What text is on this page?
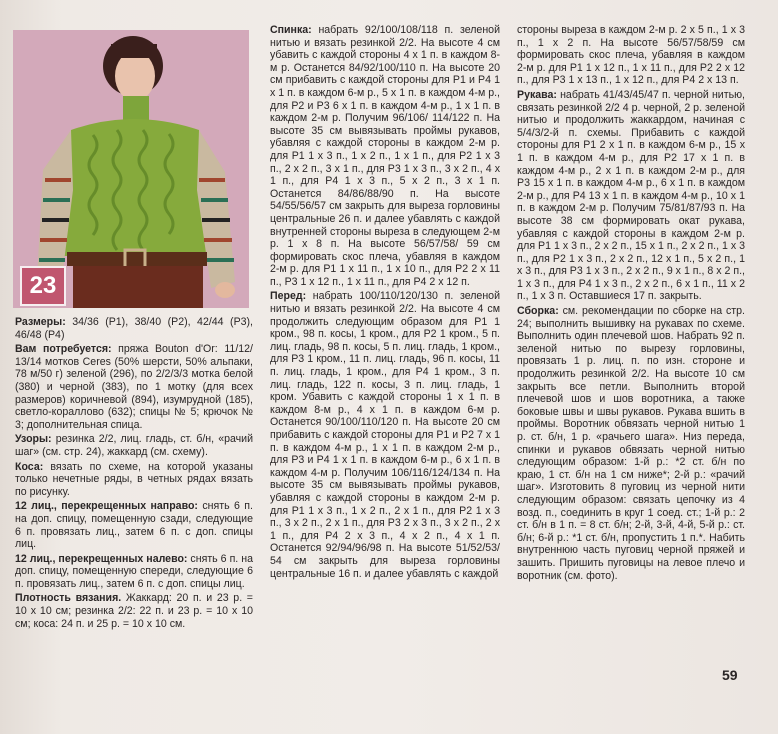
23

Размеры: 34/36 (Р1), 38/40 (Р2), 42/44 (Р3), 46/48 (Р4)

Вам потребуется: пряжа Bouton d'Or: 11/12/ 13/14 мотков Ceres (50% шерсти, 50% альпаки, 78 м/50 г) зеленой (296), по 2/2/3/3 мотка белой (380) и черной (383), по 1 мотку (для всех размеров) коричневой (894), изумрудной (185), светло-кораллово (632); спицы № 5; крючок № 3; дополнительная спица.

Узоры: резинка 2/2, лиц. гладь, ст. б/н, «рачий шаг» (см. стр. 24), жаккард (см. схему).

Коса: вязать по схеме, на которой указаны только нечетные ряды, в четных рядах вязать по рисунку.

12 лиц., перекрещенных направо: снять 6 п. на доп. спицу, помещенную сзади, следующие 6 п. провязать лиц., затем 6 п. с доп. спицы лиц.

12 лиц., перекрещенных налево: снять 6 п. на доп. спицу, помещенную спереди, следующие 6 п. провязать лиц., затем 6 п. с доп. спицы лиц.

Плотность вязания. Жаккард: 20 п. и 23 р. = 10 х 10 см; резинка 2/2: 22 п. и 23 р. = 10 х 10 см; коса: 24 п. и 25 р. = 10 х 10 см.

Спинка: набрать 92/100/108/118 п. зеленой нитью и вязать резинкой 2/2. На высоте 4 см убавить с каждой стороны 4 х 1 п. в каждом 8-м р. Останется 84/92/100/110 п. На высоте 20 см прибавить с каждой стороны для Р1 и Р4 1 х 1 п. в каждом 6-м р., 5 х 1 п. в каждом 4-м р., для Р2 и Р3 6 х 1 п. в каждом 4-м р., 1 х 1 п. в каждом 2-м р. Получим 96/106/ 114/122 п. На высоте 35 см вывязывать проймы рукавов, убавляя с каждой стороны в каждом 2-м р. для Р1 1 х 3 п., 1 х 2 п., 1 х 1 п., для Р2 1 х 3 п., 2 х 2 п., 3 х 1 п., для Р3 1 х 3 п., 3 х 2 п., 4 х 1 п., для Р4 1 х 3 п., 5 х 2 п., 3 х 1 п. Останется 84/86/88/90 п. На высоте 54/55/56/57 см закрыть для выреза горловины центральные 26 п. и далее убавлять с каждой внутренней стороны выреза в следующем 2-м р. 1 х 8 п. На высоте 56/57/58/ 59 см формировать скос плеча, убавляя в каждом 2-м р. для Р1 1 х 11 п., 1 х 10 п., для Р2 2 х 11 п., Р3 1 х 12 п., 1 х 11 п., для Р4 2 х 12 п.

Перед: набрать 100/110/120/130 п. зеленой нитью и вязать резинкой 2/2. На высоте 4 см продолжить следующим образом для Р1 1 кром., 98 п. косы, 1 кром., для Р2 1 кром., 5 п. лиц. гладь, 98 п. косы, 5 п. лиц. гладь, 1 кром., для Р3 1 кром., 11 п. лиц. гладь, 96 п. косы, 11 п. лиц. гладь, 1 кром., для Р4 1 кром., 3 п. лиц. гладь, 122 п. косы, 3 п. лиц. гладь, 1 кром. Убавить с каждой стороны 1 х 1 п. в каждом 8-м р., 4 х 1 п. в каждом 6-м р. Останется 90/100/110/120 п. На высоте 20 см прибавить с каждой стороны для Р1 и Р2 7 х 1 п. в каждом 4-м р., 1 х 1 п. в каждом 2-м р., для Р3 и Р4 1 х 1 п. в каждом 6-м р., 6 х 1 п. в каждом 4-м р. Получим 106/116/124/134 п. На высоте 35 см вывязывать проймы рукавов, убавляя с каждой стороны в каждом 2-м р. для Р1 1 х 3 п., 1 х 2 п., 2 х 1 п., для Р2 1 х 3 п., 3 х 2 п., 2 х 1 п., для Р3 2 х 3 п., 3 х 2 п., 2 х 1 п., для Р4 2 х 3 п., 4 х 2 п., 4 х 1 п. Останется 92/94/96/98 п. На высоте 51/52/53/ 54 см закрыть для выреза горловины центральные 16 п. и далее убавлять с каждой

стороны выреза в каждом 2-м р. 2 х 5 п., 1 х 3 п., 1 х 2 п. На высоте 56/57/58/59 см формировать скос плеча, убавляя в каждом 2-м р. для Р1 1 х 12 п., 1 х 11 п., для Р2 2 х 12 п., для Р3 1 х 13 п., 1 х 12 п., для Р4 2 х 13 п.

Рукава: набрать 41/43/45/47 п. черной нитью, связать резинкой 2/2 4 р. черной, 2 р. зеленой нитью и продолжить жаккардом, начиная с 5/4/3/2-й п. схемы. Прибавить с каждой стороны для Р1 2 х 1 п. в каждом 6-м р., 15 х 1 п. в каждом 4-м р., для Р2 17 х 1 п. в каждом 4-м р., 2 х 1 п. в каждом 2-м р., для Р3 15 х 1 п. в каждом 4-м р., 6 х 1 п. в каждом 2-м р., для Р4 13 х 1 п. в каждом 4-м р., 10 х 1 п. в каждом 2-м р. Получим 75/81/87/93 п. На высоте 38 см формировать окат рукава, убавляя с каждой стороны в каждом 2-м р. для Р1 1 х 3 п., 2 х 2 п., 15 х 1 п., 2 х 2 п., 1 х 3 п., для Р2 1 х 3 п., 2 х 2 п., 12 х 1 п., 5 х 2 п., 1 х 3 п., для Р3 1 х 3 п., 2 х 2 п., 9 х 1 п., 8 х 2 п., 1 х 3 п., для Р4 1 х 3 п., 2 х 2 п., 6 х 1 п., 11 х 2 п., 1 х 3 п. Оставшиеся 17 п. закрыть.

Сборка: см. рекомендации по сборке на стр. 24; выполнить вышивку на рукавах по схеме. Выполнить один плечевой шов. Набрать 92 п. зеленой нитью по вырезу горловины, провязать 1 р. лиц. п. по изн. стороне и продолжить резинкой 2/2. На высоте 10 см закрыть все петли. Выполнить второй плечевой шов и шов воротника, а также боковые швы и швы рукавов. Рукава вшить в проймы. Воротник обвязать черной нитью 1 р. ст. б/н, 1 р. «рачьего шага». Низ переда, спинки и рукавов обвязать черной нитью следующим образом: 1-й р.: *2 ст. б/н по краю, 1 ст. б/н на 1 см ниже*; 2-й р.: «рачий шаг». Изготовить 8 пуговиц из черной нити следующим образом: связать цепочку из 4 возд. п., соединить в круг 1 соед. ст.; 1-й р.: 2 ст. б/н в 1 п. = 8 ст. б/н; 2-й, 3-й, 4-й, 5-й р.: ст. б/н; 6-й р.: *1 ст. б/н, пропустить 1 п.*. Набить внутреннюю часть пуговиц черной пряжей и зашить. Пришить пуговицы на левое плечо и воротник (см. фото).

59
